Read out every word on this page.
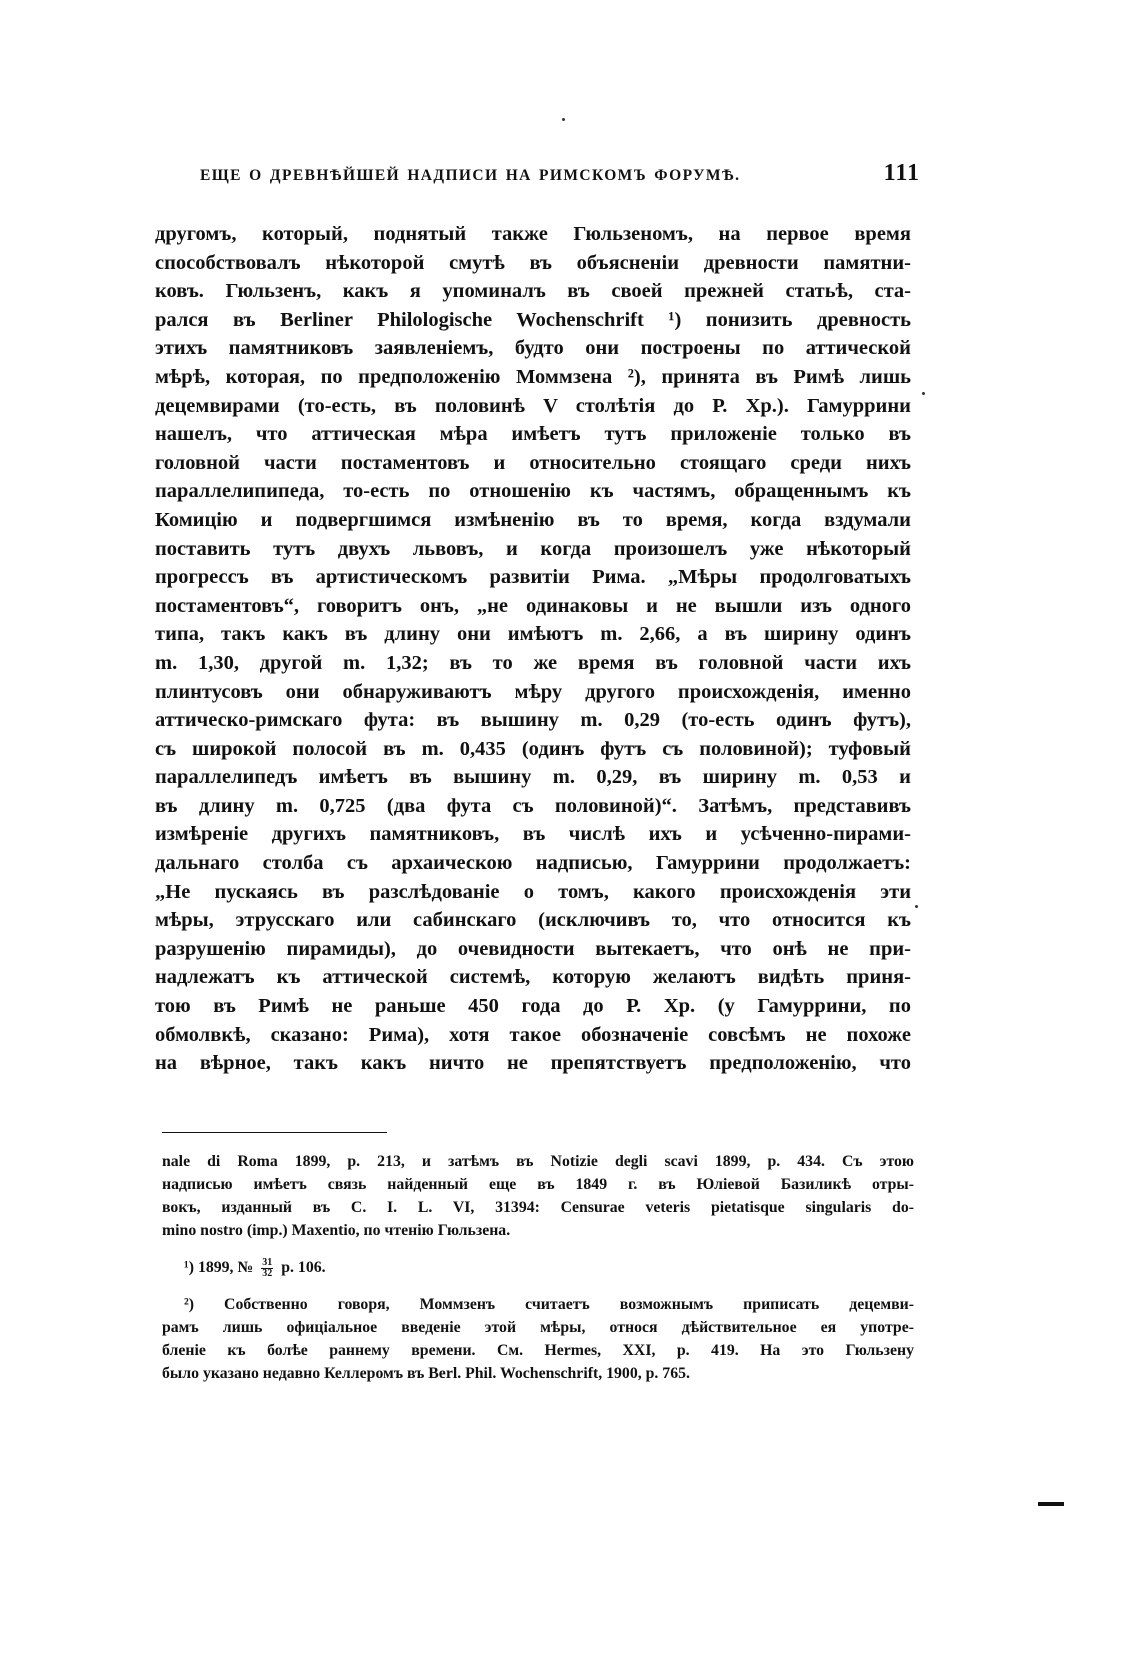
ЕЩЕ О ДРЕВНѢЙШЕЙ НАДПИСИ НА РИМСКОМЪ ФОРУМѢ.	111
другомъ, который, поднятый также Гюльзеномъ, на первое время
способствовалъ нѣкоторой смутѣ въ объясненіи древности памятни-
ковъ. Гюльзенъ, какъ я упоминалъ въ своей прежней статьѣ, ста-
рался въ Berliner Philologische Wochenschrift ¹) понизить древность
этихъ памятниковъ заявленіемъ, будто они построены по аттической
мѣрѣ, которая, по предположенію Моммзена ²), принята въ Римѣ лишь
децемвирами (то-есть, въ половинѣ V столѣтія до Р. Хр.). Гамуррини
нашелъ, что аттическая мѣра имѣетъ тутъ приложеніе только въ
головной части постаментовъ и относительно стоящаго среди нихъ
параллелипипеда, то-есть по отношенію къ частямъ, обращеннымъ къ
Комицію и подвергшимся измѣненію въ то время, когда вздумали
поставить тутъ двухъ львовъ, и когда произошелъ уже нѣкоторый
прогрессъ въ артистическомъ развитіи Рима. „Мѣры продолговатыхъ
постаментовъ“, говоритъ онъ, „не одинаковы и не вышли изъ одного
типа, такъ какъ въ длину они имѣютъ m. 2,66, а въ ширину одинъ
m. 1,30, другой m. 1,32; въ то же время въ головной части ихъ
плинтусовъ они обнаруживаютъ мѣру другого происхожденія, именно
аттическо-римскаго фута: въ вышину m. 0,29 (то-есть одинъ футъ),
съ широкой полосой въ m. 0,435 (одинъ футъ съ половиной); туфовый
параллелипедъ имѣетъ въ вышину m. 0,29, въ ширину m. 0,53 и
въ длину m. 0,725 (два фута съ половиной)“. Затѣмъ, представивъ
измѣреніе другихъ памятниковъ, въ числѣ ихъ и усѣченно-пирами-
дальнаго столба съ архаическою надписью, Гамуррини продолжаетъ:
„Не пускаясь въ разслѣдованіе о томъ, какого происхожденія эти
мѣры, этрусскаго или сабинскаго (исключивъ то, что относится къ
разрушенію пирамиды), до очевидности вытекаетъ, что онѣ не при-
надлежатъ къ аттической системѣ, которую желаютъ видѣть приня-
тою въ Римѣ не раньше 450 года до Р. Хр. (у Гамуррини, по
обмолвкѣ, сказано: Рима), хотя такое обозначеніе совсѣмъ не похоже
на вѣрное, такъ какъ ничто не препятствуетъ предположенію, что
nale di Roma 1899, p. 213, и затѣмъ въ Notizie degli scavi 1899, p. 434. Съ этою
надписью имѣетъ связь найденный еще въ 1849 г. въ Юліевой Базиликѣ отры-
вокъ, изданный въ C. I. L. VI, 31394: Censurae veteris pietatisque singularis do-
mino nostro (imp.) Maxentio, по чтенію Гюльзена.
¹) 1899, № $\frac{31}{32} p$. 106.
²) Собственно говоря, Моммзенъ считаетъ возможнымъ приписать децемви-
рамъ лишь офиціальное введеніе этой мѣры, относя дѣйствительное ея употре-
бленіе къ болѣе раннему времени. См. Hermes, XXI, p. 419. На это Гюльзену
было указано недавно Келлеромъ въ Berl. Phil. Wochenschrift, 1900, p. 765.
